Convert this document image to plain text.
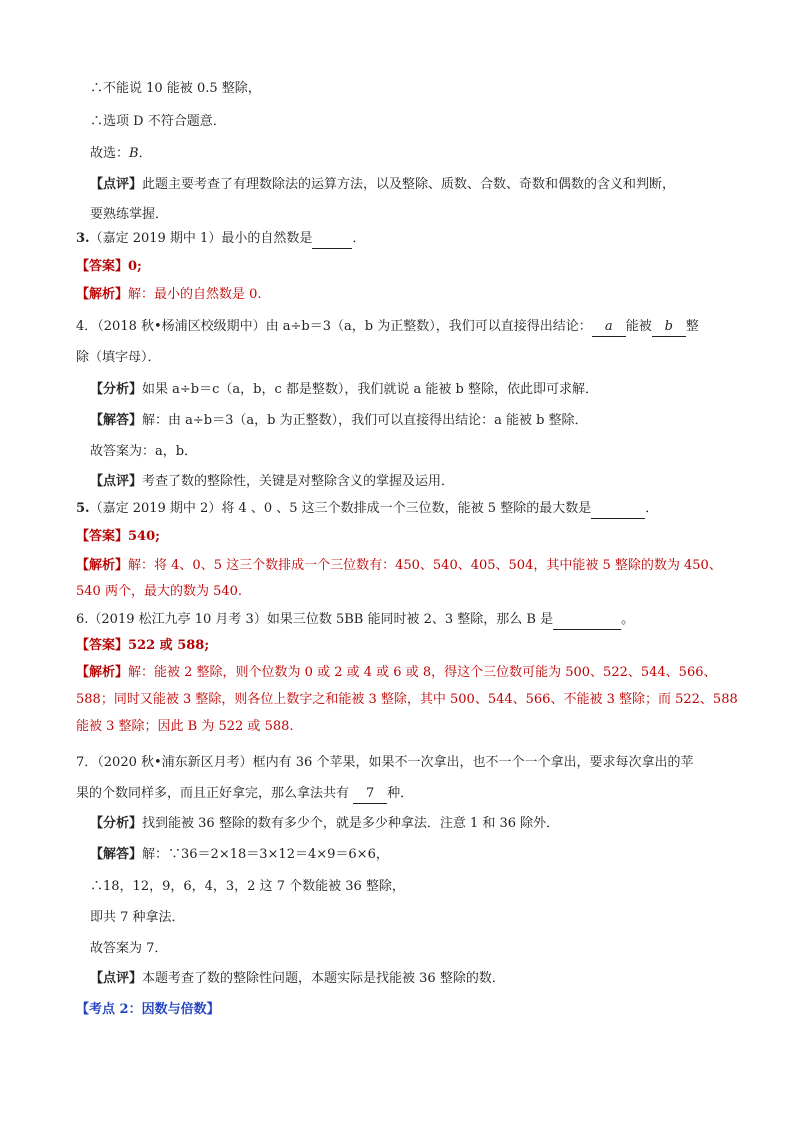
∴不能说 10 能被 0.5 整除，
∴选项 D 不符合题意．
故选：B．
【点评】此题主要考查了有理数除法的运算方法，以及整除、质数、合数、奇数和偶数的含义和判断，
要熟练掌握．
3.（嘉定 2019 期中 1）最小的自然数是	．
【答案】0;
【解析】解：最小的自然数是 0.
4．（2018 秋•杨浦区校级期中）由 a÷b＝3（a，b 为正整数），我们可以直接得出结论： a 能被 b 整
除（填字母）．
【分析】如果 a÷b＝c（a，b，c 都是整数），我们就说 a 能被 b 整除，依此即可求解．
【解答】解：由 a÷b＝3（a，b 为正整数），我们可以直接得出结论：a 能被 b 整除．
故答案为：a，b．
【点评】考查了数的整除性，关键是对整除含义的掌握及运用．
5.（嘉定 2019 期中 2）将 4 、0 、5 这三个数排成一个三位数，能被 5 整除的最大数是	．
【答案】540;
【解析】解：将 4、0、5 这三个数排成一个三位数有：450、540、405、504，其中能被 5 整除的数为 450、
540 两个，最大的数为 540.
6.（2019 松江九亭 10 月考 3）如果三位数 5BB 能同时被 2、3 整除，那么 B 是	。
【答案】522 或 588;
【解析】解：能被 2 整除，则个位数为 0 或 2 或 4 或 6 或 8，得这个三位数可能为 500、522、544、566、
588；同时又能被 3 整除，则各位上数字之和能被 3 整除，其中 500、544、566、不能被 3 整除；而 522、588
能被 3 整除；因此 B 为 522 或 588.
7．（2020 秋•浦东新区月考）框内有 36 个苹果，如果不一次拿出，也不一个一个拿出，要求每次拿出的苹
果的个数同样多，而且正好拿完，那么拿法共有 7 种．
【分析】找到能被 36 整除的数有多少个，就是多少种拿法．注意 1 和 36 除外．
【解答】解：∵36＝2×18＝3×12＝4×9＝6×6，
∴18，12，9，6，4，3，2 这 7 个数能被 36 整除，
即共 7 种拿法．
故答案为 7．
【点评】本题考查了数的整除性问题，本题实际是找能被 36 整除的数．
【考点 2：因数与倍数】
